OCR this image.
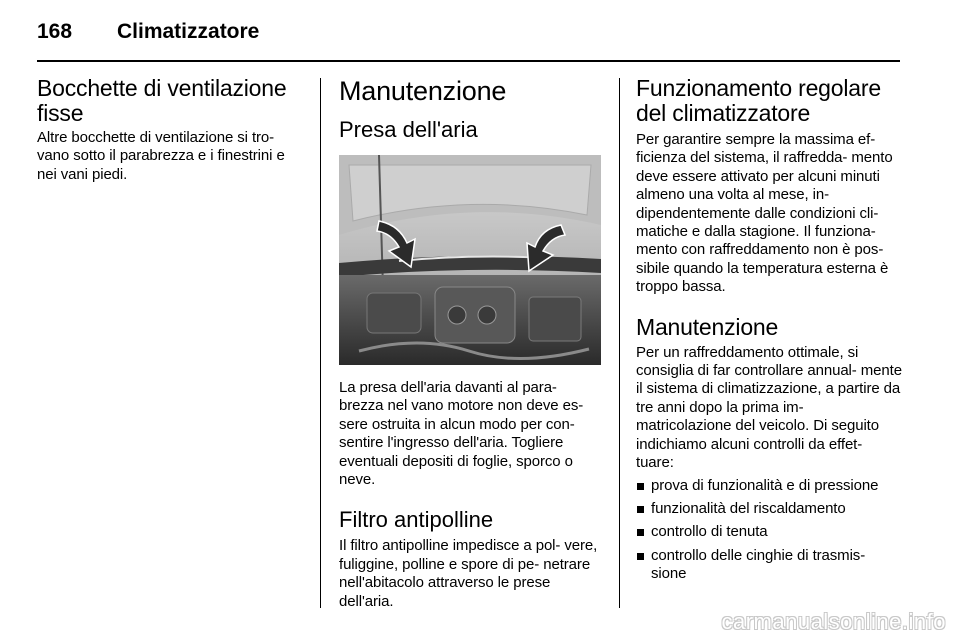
168 Climatizzatore
Bocchette di ventilazione fisse

Altre bocchette di ventilazione si tro- vano sotto il parabrezza e i finestrini e nei vani piedi.

Manutenzione
Presa dell'aria

La presa dell'aria davanti al para- brezza nel vano motore non deve es- sere ostruita in alcun modo per con- sentire l'ingresso dell'aria. Togliere eventuali depositi di foglie, sporco o neve.

Filtro antipolline

Il filtro antipolline impedisce a pol- vere, fuliggine, polline e spore di pe- netrare nell'abitacolo attraverso le prese dell'aria.

Funzionamento regolare del climatizzatore

Per garantire sempre la massima ef- ficienza del sistema, il raffredda- mento deve essere attivato per alcuni minuti almeno una volta al mese, in- dipendentemente dalle condizioni cli- matiche e dalla stagione. Il funziona- mento con raffreddamento non è pos- sibile quando la temperatura esterna è troppo bassa.

Manutenzione

Per un raffreddamento ottimale, si consiglia di far controllare annual- mente il sistema di climatizzazione, a partire da tre anni dopo la prima im- matricolazione del veicolo. Di seguito indichiamo alcuni controlli da effet- tuare:

prova di funzionalità e di pressione
funzionalità del riscaldamento
controllo di tenuta
controllo delle cinghie di trasmis- sione
carmanualsonline.info
